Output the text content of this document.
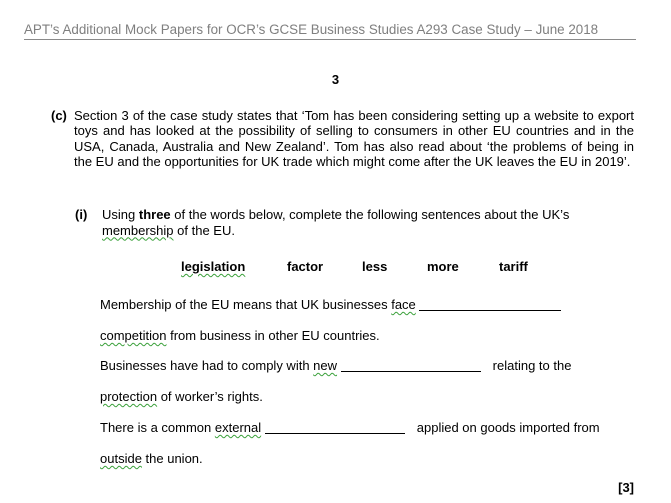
APT’s Additional Mock Papers for OCR’s GCSE Business Studies A293 Case Study – June 2018
3
(c) Section 3 of the case study states that ‘Tom has been considering setting up a website to export toys and has looked at the possibility of selling to consumers in other EU countries and in the USA, Canada, Australia and New Zealand’. Tom has also read about ‘the problems of being in the EU and the opportunities for UK trade which might come after the UK leaves the EU in 2019’.
(i) Using three of the words below, complete the following sentences about the UK’s membership of the EU.
legislation	factor	less	more	tariff
Membership of the EU means that UK businesses face
competition from business in other EU countries.
Businesses have had to comply with new	relating to the
protection of worker’s rights.
There is a common external	applied on goods imported from
outside the union.
[3]
